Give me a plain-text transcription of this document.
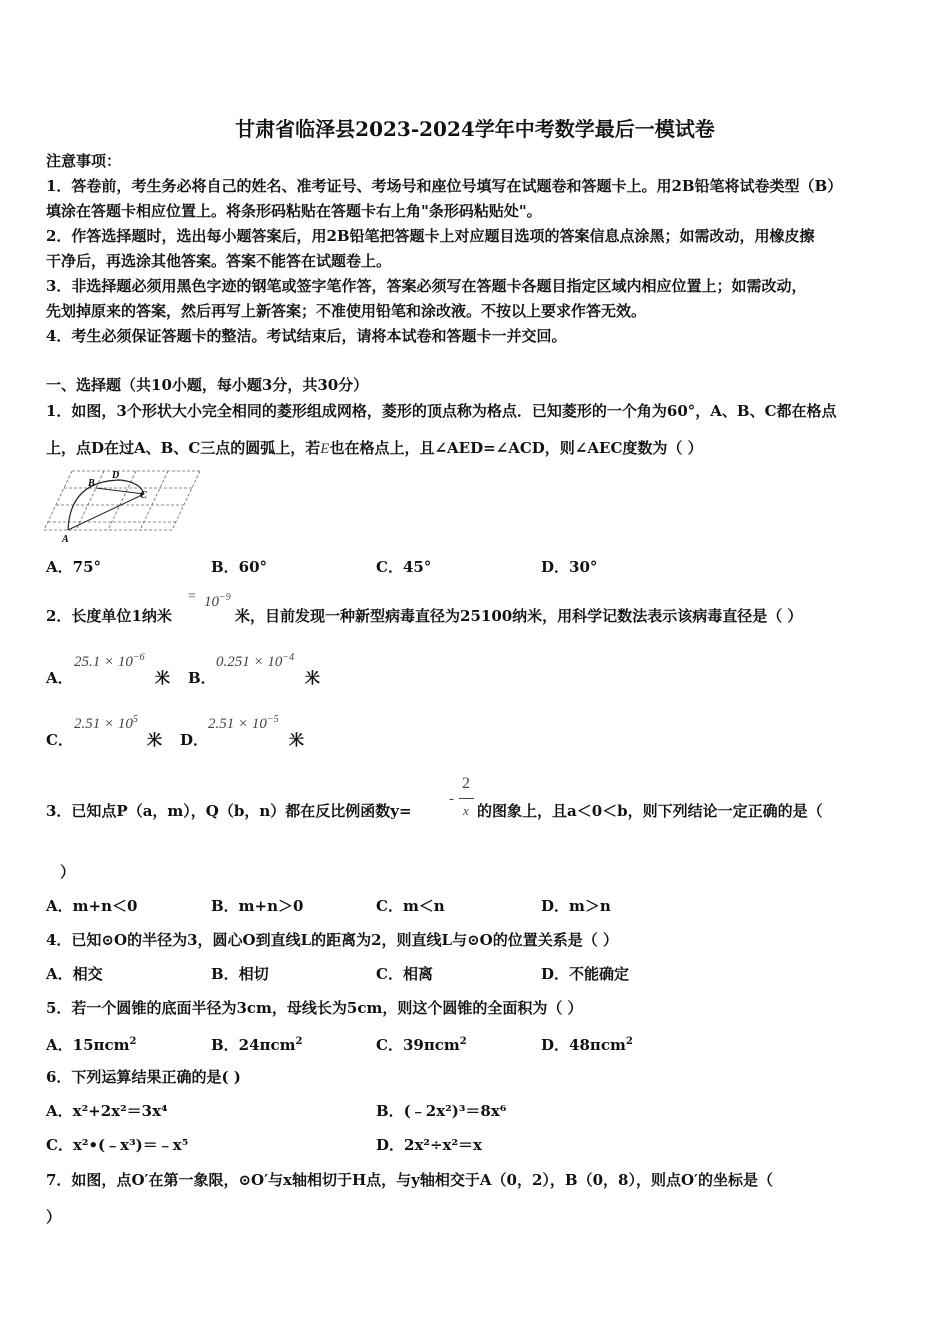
甘肃省临泽县2023-2024学年中考数学最后一模试卷
注意事项：
1．答卷前，考生务必将自己的姓名、准考证号、考场号和座位号填写在试题卷和答题卡上。用2B铅笔将试卷类型（B）
填涂在答题卡相应位置上。将条形码粘贴在答题卡右上角"条形码粘贴处"。
2．作答选择题时，选出每小题答案后，用2B铅笔把答题卡上对应题目选项的答案信息点涂黑；如需改动，用橡皮擦
干净后，再选涂其他答案。答案不能答在试题卷上。
3．非选择题必须用黑色字迹的钢笔或签字笔作答，答案必须写在答题卡各题目指定区域内相应位置上；如需改动，
先划掉原来的答案，然后再写上新答案；不准使用铅笔和涂改液。不按以上要求作答无效。
4．考生必须保证答题卡的整洁。考试结束后，请将本试卷和答题卡一并交回。
一、选择题（共10小题，每小题3分，共30分）
1．如图，3个形状大小完全相同的菱形组成网格，菱形的顶点称为格点．已知菱形的一个角为60°，A、B、C都在格点
上，点D在过A、B、C三点的圆弧上，若E也在格点上，且∠AED=∠ACD，则∠AEC度数为（ ）
B
D
C
A
A．75°	B．60°	C．45°	D．30°
2．长度单位1纳米
= $10^{-9}$
米，目前发现一种新型病毒直径为25100纳米，用科学记数法表示该病毒直径是（ ）
A．
$25.1 \times 10^{-6}$
米 B．
$0.251 \times 10^{-4}$
米
C．
$2.51 \times 10^5$
米 D．
$2.51 \times 10^{-5}$
米
3．已知点P（a，m），Q（b，n）都在反比例函数y=
-
2
x 的图象上，且a＜0＜b，则下列结论一定正确的是（
）
A．m+n＜0	B．m+n＞0	C．m＜n	D．m＞n
4．已知⊙O的半径为3，圆心O到直线L的距离为2，则直线L与⊙O的位置关系是（ ）
A．相交	B．相切	C．相离	D．不能确定
5．若一个圆锥的底面半径为3cm，母线长为5cm，则这个圆锥的全面积为（ ）
A．15πcm$^2$	B．24πcm$^2$	C．39πcm$^2$	D．48πcm$^2$
6．下列运算结果正确的是( )
A．x²+2x²＝3x⁴	B．(﹣2x²)³＝8x⁶
C．x²•(﹣x³)＝﹣x⁵	D．2x²÷x²＝x
7．如图，点O′在第一象限，⊙O′与x轴相切于H点，与y轴相交于A（0，2），B（0，8），则点O′的坐标是（
）
